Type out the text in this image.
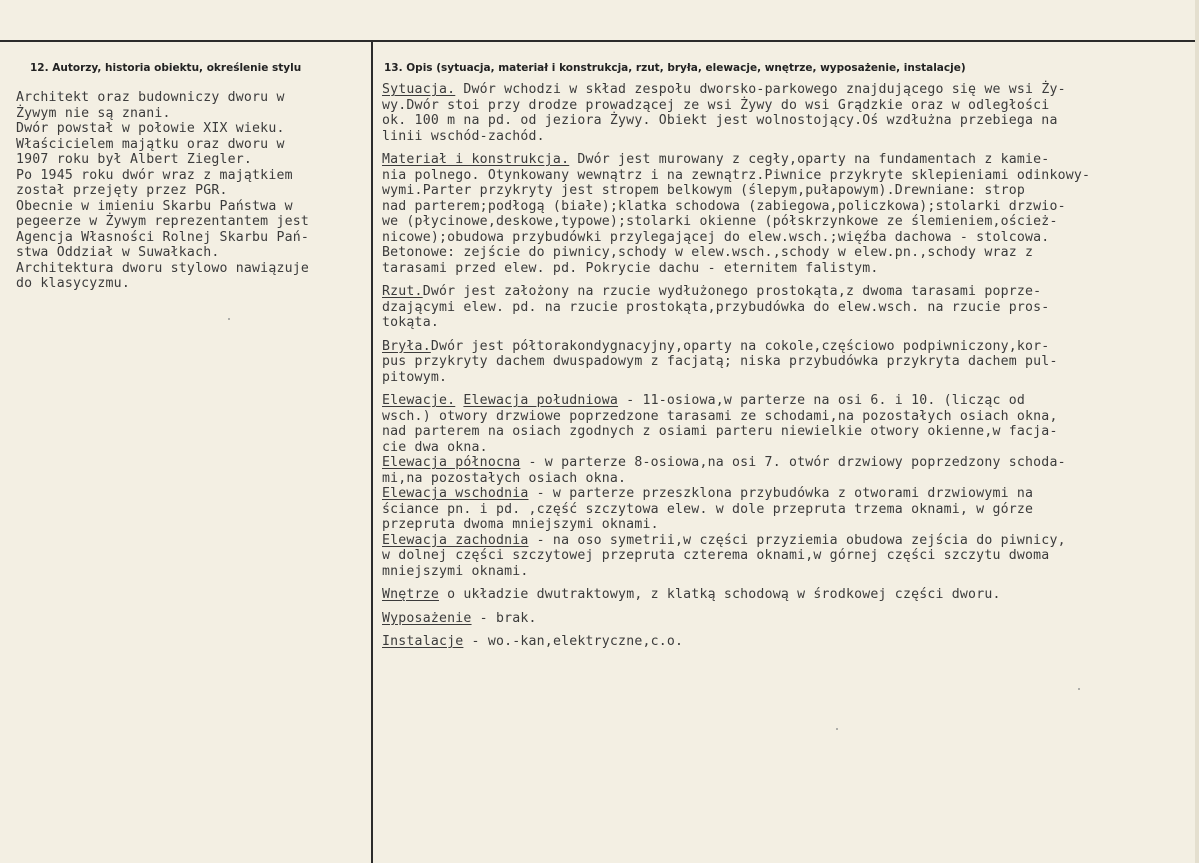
12. Autorzy, historia obiektu, określenie stylu	13. Opis (sytuacja, materiał i konstrukcja, rzut, bryła, elewacje, wnętrze, wyposażenie, instalacje)
Architekt oraz budowniczy dworu w
Żywym nie są znani.
Dwór powstał w połowie XIX wieku.
Właścicielem majątku oraz dworu w
1907 roku był Albert Ziegler.
Po 1945 roku dwór wraz z majątkiem
został przejęty przez PGR.
Obecnie w imieniu Skarbu Państwa w
pegeerze w Żywym reprezentantem jest
Agencja Własności Rolnej Skarbu Pań-
stwa Oddział w Suwałkach.
Architektura dworu stylowo nawiązuje
do klasycyzmu.
Sytuacja. Dwór wchodzi w skład zespołu dworsko-parkowego znajdującego się we wsi Ży-
wy.Dwór stoi przy drodze prowadzącej ze wsi Żywy do wsi Grądzkie oraz w odległości
ok. 100 m na pd. od jeziora Żywy. Obiekt jest wolnostojący.Oś wzdłużna przebiega na
linii wschód-zachód.
Materiał i konstrukcja. Dwór jest murowany z cegły,oparty na fundamentach z kamie-
nia polnego. Otynkowany wewnątrz i na zewnątrz.Piwnice przykryte sklepieniami odinkowy-
wymi.Parter przykryty jest stropem belkowym (ślepym,pułapowym).Drewniane: strop
nad parterem;podłogą (białe);klatka schodowa (zabiegowa,policzkowa);stolarki drzwio-
we (płycinowe,deskowe,typowe);stolarki okienne (półskrzynkowe ze ślemieniem,oścież-
nicowe);obudowa przybudówki przylegającej do elew.wsch.;więźba dachowa - stolcowa.
Betonowe: zejście do piwnicy,schody w elew.wsch.,schody w elew.pn.,schody wraz z
tarasami przed elew. pd. Pokrycie dachu - eternitem falistym.
Rzut.Dwór jest założony na rzucie wydłużonego prostokąta,z dwoma tarasami poprze-
dzającymi elew. pd. na rzucie prostokąta,przybudówka do elew.wsch. na rzucie pros-
tokąta.
Bryła.Dwór jest półtorakondygnacyjny,oparty na cokole,częściowo podpiwniczony,kor-
pus przykryty dachem dwuspadowym z facjatą; niska przybudówka przykryta dachem pul-
pitowym.
Elewacje. Elewacja południowa - 11-osiowa,w parterze na osi 6. i 10. (licząc od
wsch.) otwory drzwiowe poprzedzone tarasami ze schodami,na pozostałych osiach okna,
nad parterem na osiach zgodnych z osiami parteru niewielkie otwory okienne,w facja-
cie dwa okna.
Elewacja północna - w parterze 8-osiowa,na osi 7. otwór drzwiowy poprzedzony schoda-
mi,na pozostałych osiach okna.
Elewacja wschodnia - w parterze przeszklona przybudówka z otworami drzwiowymi na
ściance pn. i pd. ,część szczytowa elew. w dole przepruta trzema oknami, w górze
przepruta dwoma mniejszymi oknami.
Elewacja zachodnia - na oso symetrii,w części przyziemia obudowa zejścia do piwnicy,
w dolnej części szczytowej przepruta czterema oknami,w górnej części szczytu dwoma
mniejszymi oknami.
Wnętrze o układzie dwutraktowym, z klatką schodową w środkowej części dworu.
Wyposażenie - brak.
Instalacje - wo.-kan,elektryczne,c.o.
